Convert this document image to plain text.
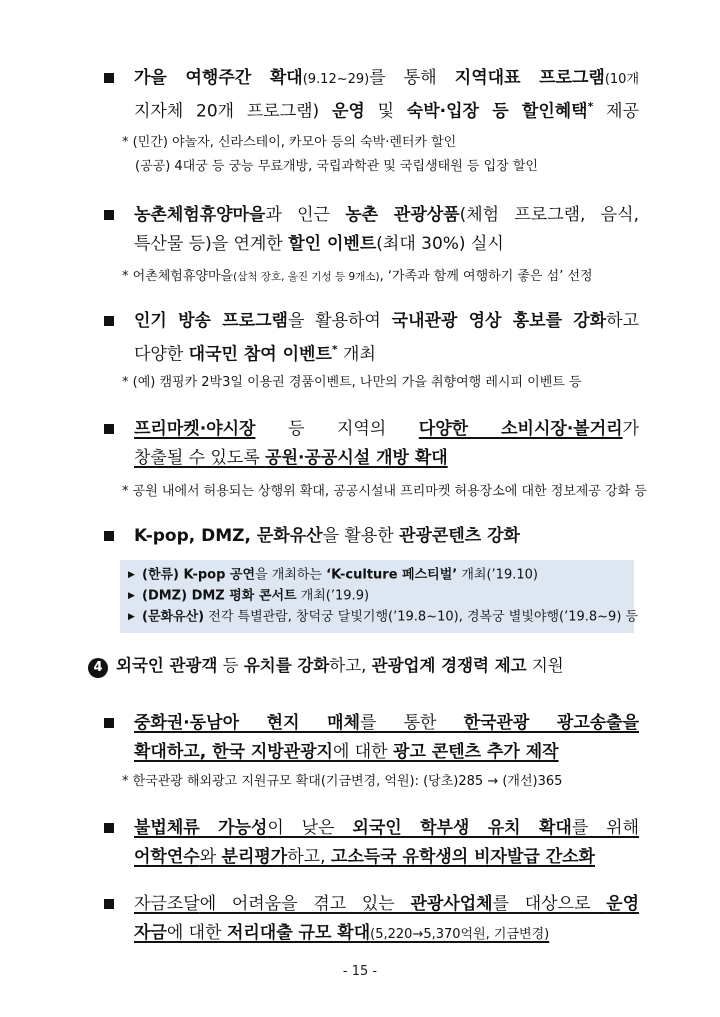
가을 여행주간 확대(9.12~29)를 통해 지역대표 프로그램(10개
지자체 20개 프로그램) 운영 및 숙박·입장 등 할인혜택* 제공
* (민간) 야놀자, 신라스테이, 카모아 등의 숙박·렌터카 할인
(공공) 4대궁 등 궁능 무료개방, 국립과학관 및 국립생태원 등 입장 할인
농촌체험휴양마을과 인근 농촌 관광상품(체험 프로그램, 음식,
특산물 등)을 연계한 할인 이벤트(최대 30%) 실시
* 어촌체험휴양마을(삼척 장호, 울진 기성 등 9개소), ‘가족과 함께 여행하기 좋은 섬’ 선정
인기 방송 프로그램을 활용하여 국내관광 영상 홍보를 강화하고
다양한 대국민 참여 이벤트* 개최
* (예) 캠핑카 2박3일 이용권 경품이벤트, 나만의 가을 취향여행 레시피 이벤트 등
프리마켓·야시장 등 지역의 다양한 소비시장·볼거리가
창출될 수 있도록 공원·공공시설 개방 확대
* 공원 내에서 허용되는 상행위 확대, 공공시설내 프리마켓 허용장소에 대한 정보제공 강화 등
K-pop, DMZ, 문화유산을 활용한 관광콘텐츠 강화
▶ (한류) K-pop 공연을 개최하는 ‘K-culture 페스티벌’ 개최(’19.10)
▶ (DMZ) DMZ 평화 콘서트 개최(’19.9)
▶ (문화유산) 전각 특별관람, 창덕궁 달빛기행(’19.8~10), 경복궁 별빛야행(’19.8~9) 등
4 외국인 관광객 등 유치를 강화하고, 관광업계 경쟁력 제고 지원
중화권·동남아 현지 매체를 통한 한국관광 광고송출을
확대하고, 한국 지방관광지에 대한 광고 콘텐츠 추가 제작
* 한국관광 해외광고 지원규모 확대(기금변경, 억원): (당초)285 → (개선)365
불법체류 가능성이 낮은 외국인 학부생 유치 확대를 위해
어학연수와 분리평가하고, 고소득국 유학생의 비자발급 간소화
자금조달에 어려움을 겪고 있는 관광사업체를 대상으로 운영
자금에 대한 저리대출 규모 확대(5,220→5,370억원, 기금변경)
- 15 -
